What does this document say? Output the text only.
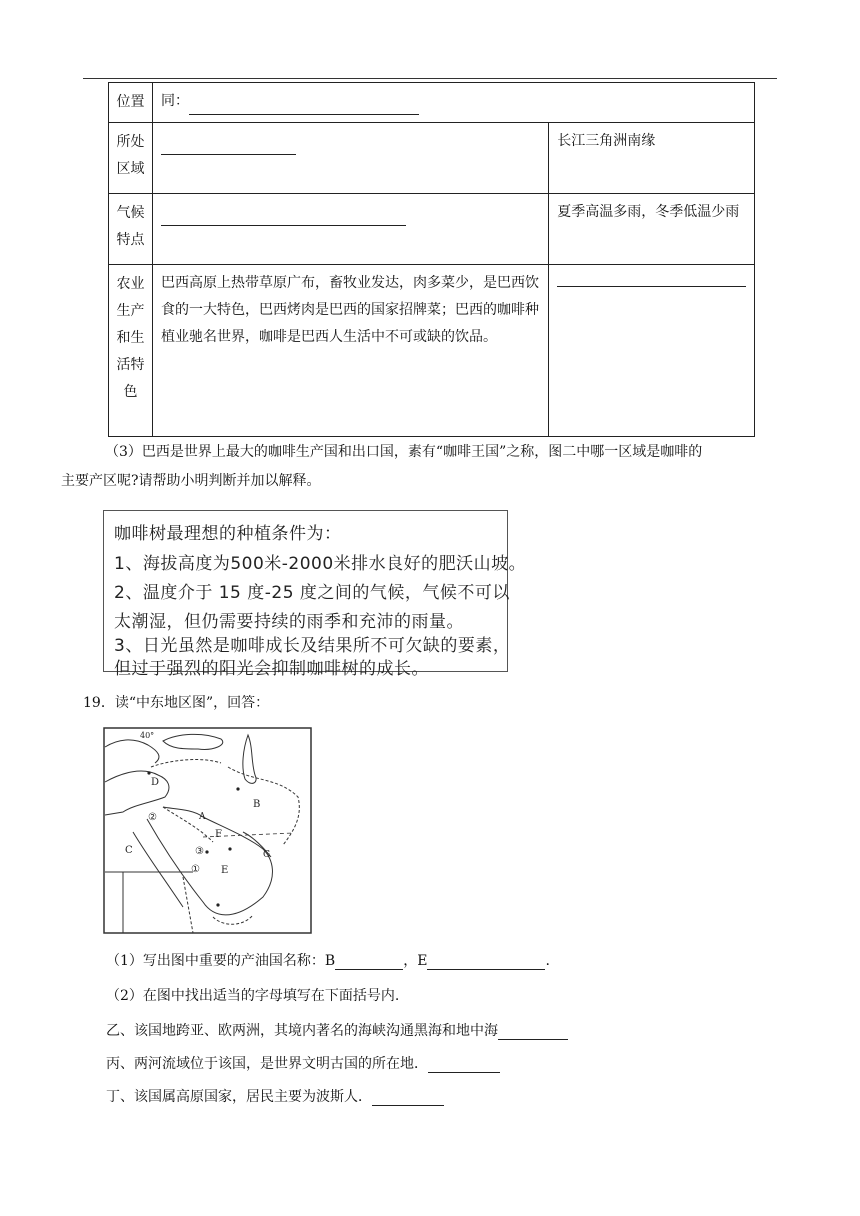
位置	同：	
所处区域		长江三角洲南缘
气候特点		夏季高温多雨，冬季低温少雨
农业生产和生活特色	巴西高原上热带草原广布，畜牧业发达，肉多菜少，是巴西饮食的一大特色，巴西烤肉是巴西的国家招牌菜；巴西的咖啡种植业驰名世界，咖啡是巴西人生活中不可或缺的饮品。	
（3）巴西是世界上最大的咖啡生产国和出口国，素有“咖啡王国”之称，图二中哪一区域是咖啡的
主要产区呢?请帮助小明判断并加以解释。
咖啡树最理想的种植条件为：
1、海拔高度为500米-2000米排水良好的肥沃山坡。
2、温度介于 15 度-25 度之间的气候，气候不可以
太潮湿，但仍需要持续的雨季和充沛的雨量。
3、日光虽然是咖啡成长及结果所不可欠缺的要素，
但过于强烈的阳光会抑制咖啡树的成长。
19．读“中东地区图”，回答：
40°
D
B
A
F
C
E
G
①
②
③
（1）写出图中重要的产油国名称：B	，E	.
（2）在图中找出适当的字母填写在下面括号内.
乙、该国地跨亚、欧两洲，其境内著名的海峡沟通黑海和地中海
丙、两河流域位于该国，是世界文明古国的所在地．
丁、该国属高原国家，居民主要为波斯人．
